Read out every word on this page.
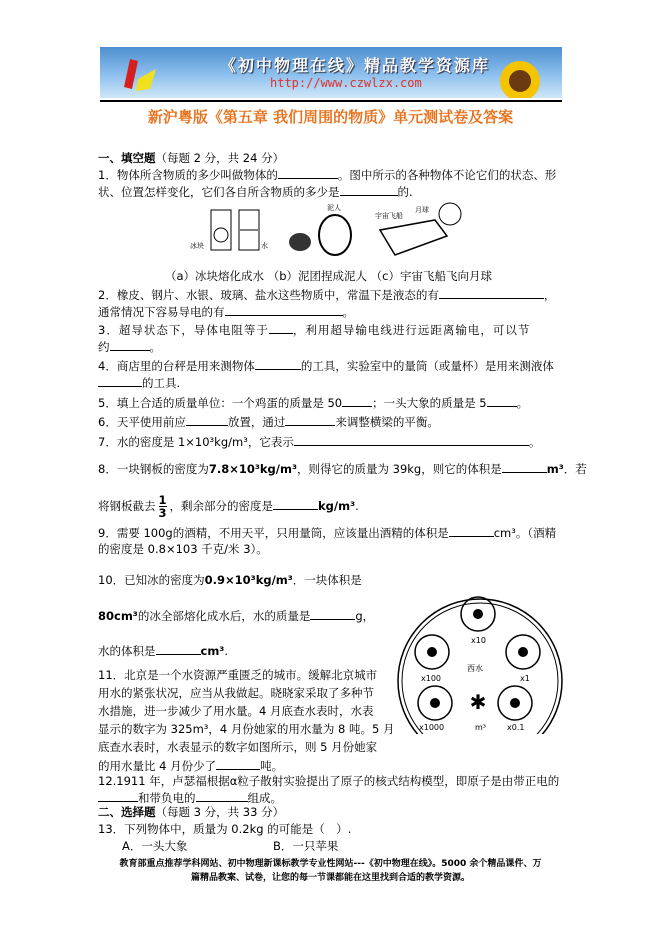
《初中物理在线》精品教学资源库
http://www.czwlzx.com
新沪粤版《第五章 我们周围的物质》单元测试卷及答案
一、填空题（每题 2 分，共 24 分）
1．物体所含物质的多少叫做物体的	。图中所示的各种物体不论它们的状态、形
状、位置怎样变化，它们各自所含物质的多少是	的.
冰块	水
泥人
宇宙飞船
月球
（a）冰块熔化成水 （b）泥团捏成泥人 （c）宇宙飞船飞向月球
2．橡皮、钢片、水银、玻璃、盐水这些物质中，常温下是液态的有	，
通常情况下容易导电的有	。
3．超导状态下，导体电阻等于 ，利用超导输电线进行远距离输电，可以节
约	。
4．商店里的台秤是用来测物体	的工具，实验室中的量筒（或量杯）是用来测液体
的工具.
5．填上合适的质量单位：一个鸡蛋的质量是 50	；一头大象的质量是 5	。
6．天平使用前应	放置，通过	来调整横梁的平衡。
7．水的密度是 1×10³kg/m³，它表示	。
8．一块钢板的密度为7.8×10³kg/m³，则得它的质量为 39kg，则它的体积是	m³．若
将钢板截去 $\frac{1}{3}$ ，剩余部分的密度是	kg/m³.
9．需要 100g的酒精，不用天平，只用量筒，应该量出酒精的体积是	cm³。（酒精
的密度是 0.8×103 千克/米 3）。
10．已知冰的密度为0.9×10³kg/m³．一块体积是
80cm³的冰全部熔化成水后，水的质量是	g，
水的体积是	cm³.
✱
x10
x100	x1
x1000	x0.1
西水
m³
11．北京是一个水资源严重匮乏的城市。缓解北京城市
用水的紧张状况，应当从我做起。晓晓家采取了多种节
水措施，进一步减少了用水量。4 月底查水表时，水表
显示的数字为 325m³，4 月份她家的用水量为 8 吨。5 月
底查水表时，水表显示的数字如图所示，则 5 月份她家
的用水量比 4 月份少了	吨。
12.1911 年，卢瑟福根据α粒子散射实验提出了原子的核式结构模型，即原子是由带正电的
和带负电的	组成。
二、选择题（每题 3 分，共 33 分）
13．下列物体中，质量为 0.2kg 的可能是（　）.
A．一头大象	B．一只苹果
教育部重点推荐学科网站、初中物理新课标教学专业性网站---《初中物理在线》。5000 余个精品课件、万
篇精品教案、试卷，让您的每一节课都能在这里找到合适的教学资源。
